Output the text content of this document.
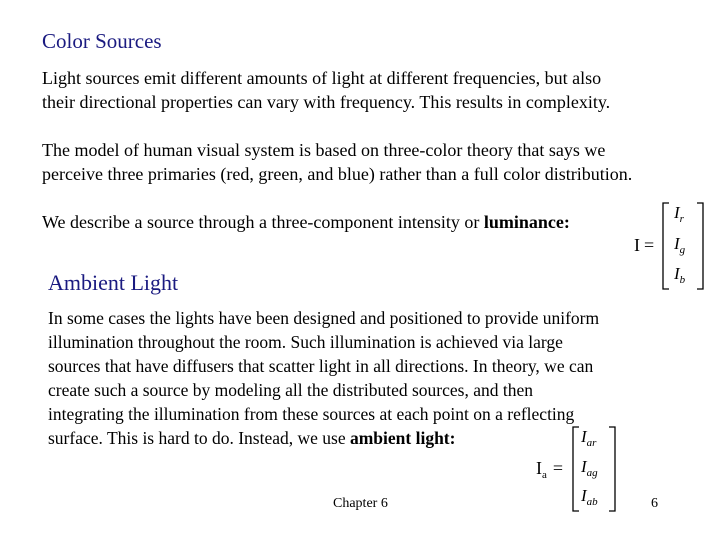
Color Sources
Light sources emit different amounts of light at different frequencies, but also
their directional properties can vary with frequency. This results in complexity.
The model of human visual system is based on three-color theory that says we
perceive three primaries (red, green, and blue) rather than a full color distribution.
We describe a source through a three-component intensity or luminance:
I =
$I_r$
$I_g$
$I_b$
Ambient Light
In some cases the lights have been designed and positioned to provide uniform
illumination throughout the room. Such illumination is achieved via large
sources that have diffusers that scatter light in all directions. In theory, we can
create such a source by modeling all the distributed sources, and then
integrating the illumination from these sources at each point on a reflecting
surface. This is hard to do. Instead, we use ambient light:
$I_a$ =
$I_{ar}$
$I_{ag}$
$I_{ab}$
Chapter 6	6
